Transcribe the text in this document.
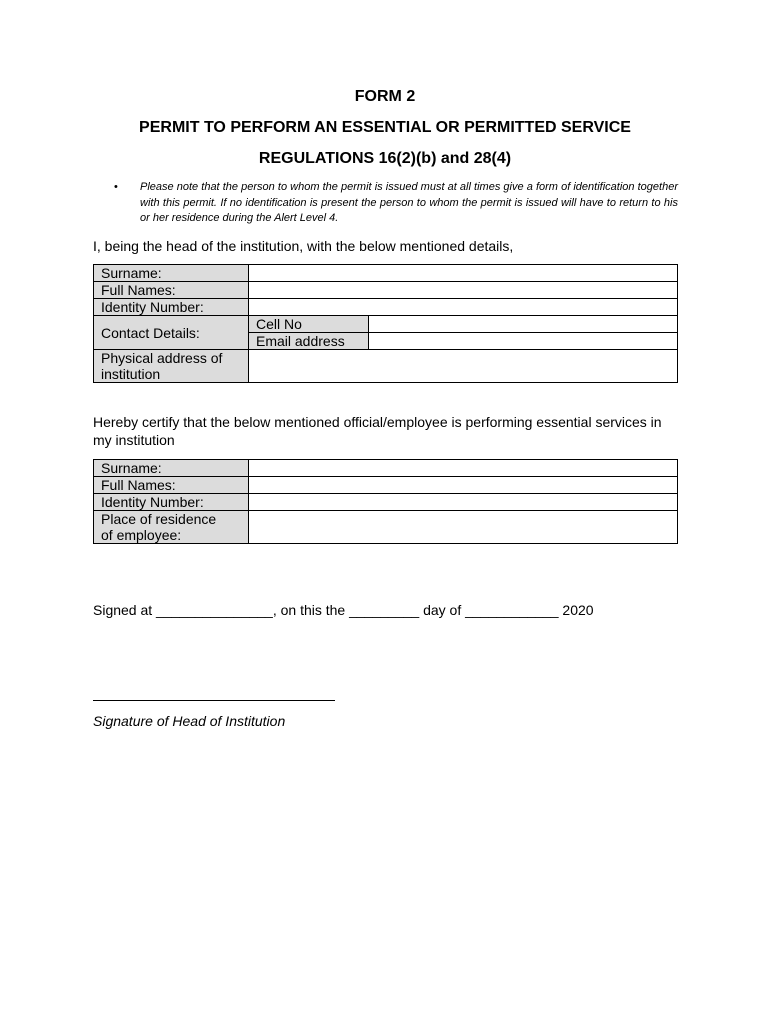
FORM 2
PERMIT TO PERFORM AN ESSENTIAL OR PERMITTED SERVICE
REGULATIONS 16(2)(b) and 28(4)
• Please note that the person to whom the permit is issued must at all times give a form of identification together with this permit. If no identification is present the person to whom the permit is issued will have to return to his or her residence during the Alert Level 4.

I, being the head of the institution, with the below mentioned details,

Surname:		
Full Names:		
Identity Number:		
Contact Details:	Cell No	
	Email address	
Physical address of
institution		

Hereby certify that the below mentioned official/employee is performing essential services in my institution

Surname:	
Full Names:	
Identity Number:	
Place of residence
of employee:	
Signed at _______________, on this the _________ day of ____________ 2020
Signature of Head of Institution
